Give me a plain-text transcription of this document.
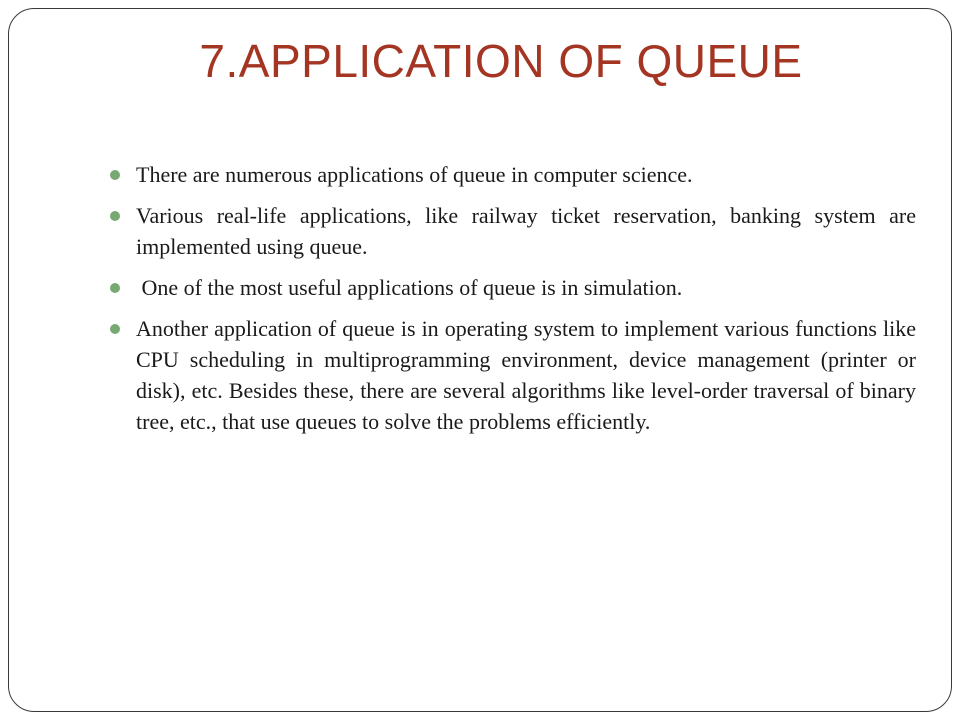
7.APPLICATION OF QUEUE
There are numerous applications of queue in computer science.
Various real-life applications, like railway ticket reservation, banking system are implemented using queue.
One of the most useful applications of queue is in simulation.
Another application of queue is in operating system to implement various functions like CPU scheduling in multiprogramming environment, device management (printer or disk), etc. Besides these, there are several algorithms like level-order traversal of binary tree, etc., that use queues to solve the problems efficiently.
